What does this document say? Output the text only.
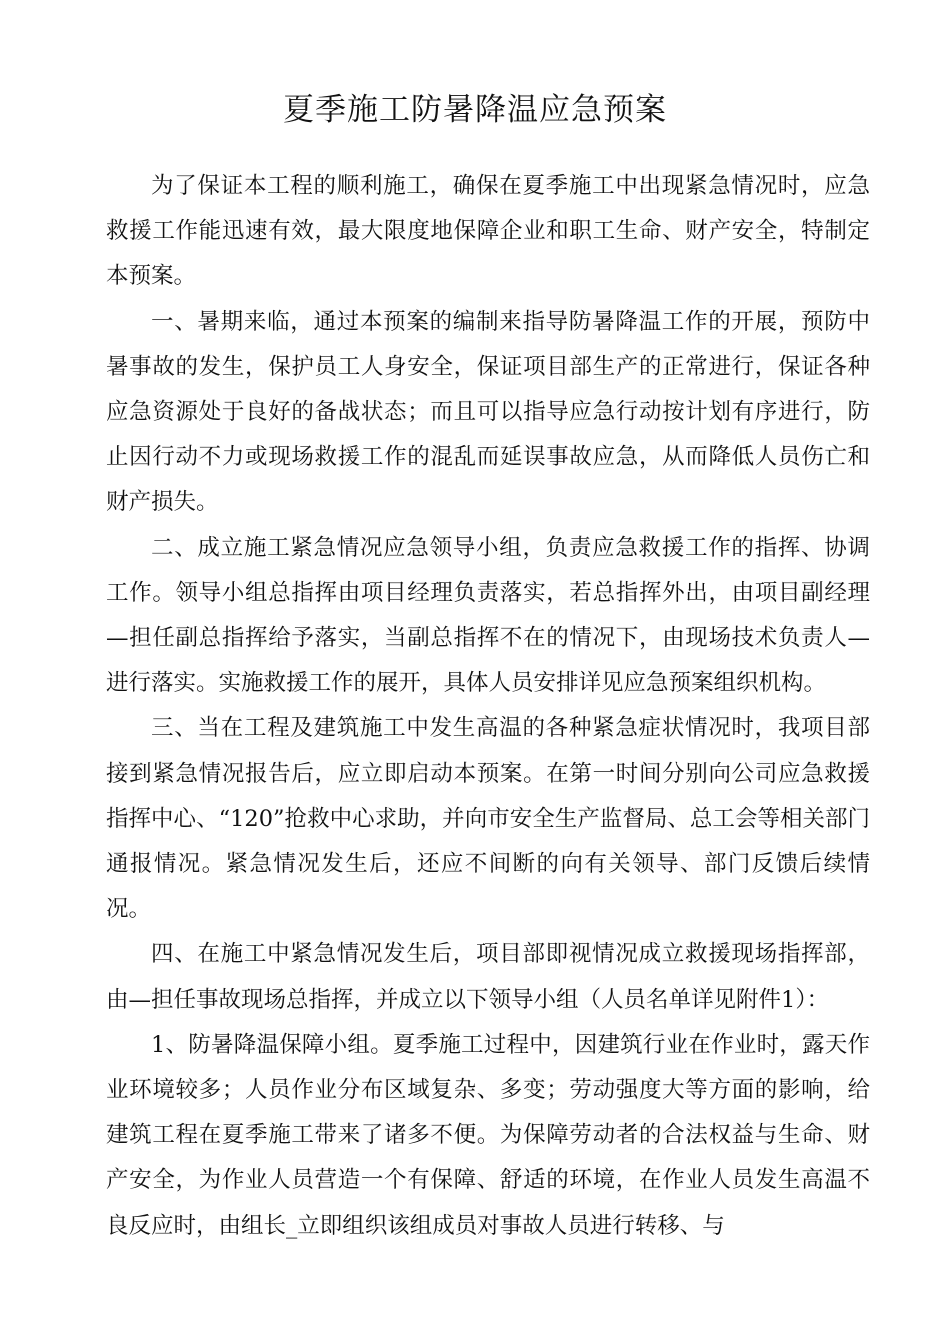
夏季施工防暑降温应急预案

为了保证本工程的顺利施工，确保在夏季施工中出现紧急情况时，应急救援工作能迅速有效，最大限度地保障企业和职工生命、财产安全，特制定本预案。

一、暑期来临，通过本预案的编制来指导防暑降温工作的开展，预防中暑事故的发生，保护员工人身安全，保证项目部生产的正常进行，保证各种应急资源处于良好的备战状态；而且可以指导应急行动按计划有序进行，防止因行动不力或现场救援工作的混乱而延误事故应急，从而降低人员伤亡和财产损失。

二、成立施工紧急情况应急领导小组，负责应急救援工作的指挥、协调工作。领导小组总指挥由项目经理负责落实，若总指挥外出，由项目副经理—担任副总指挥给予落实，当副总指挥不在的情况下，由现场技术负责人—进行落实。实施救援工作的展开，具体人员安排详见应急预案组织机构。

三、当在工程及建筑施工中发生高温的各种紧急症状情况时，我项目部接到紧急情况报告后，应立即启动本预案。在第一时间分别向公司应急救援指挥中心、“120”抢救中心求助，并向市安全生产监督局、总工会等相关部门通报情况。紧急情况发生后，还应不间断的向有关领导、部门反馈后续情况。

四、在施工中紧急情况发生后，项目部即视情况成立救援现场指挥部，由—担任事故现场总指挥，并成立以下领导小组（人员名单详见附件1）：

1、防暑降温保障小组。夏季施工过程中，因建筑行业在作业时，露天作业环境较多；人员作业分布区域复杂、多变；劳动强度大等方面的影响，给建筑工程在夏季施工带来了诸多不便。为保障劳动者的合法权益与生命、财产安全，为作业人员营造一个有保障、舒适的环境，在作业人员发生高温不良反应时，由组长_立即组织该组成员对事故人员进行转移、与
